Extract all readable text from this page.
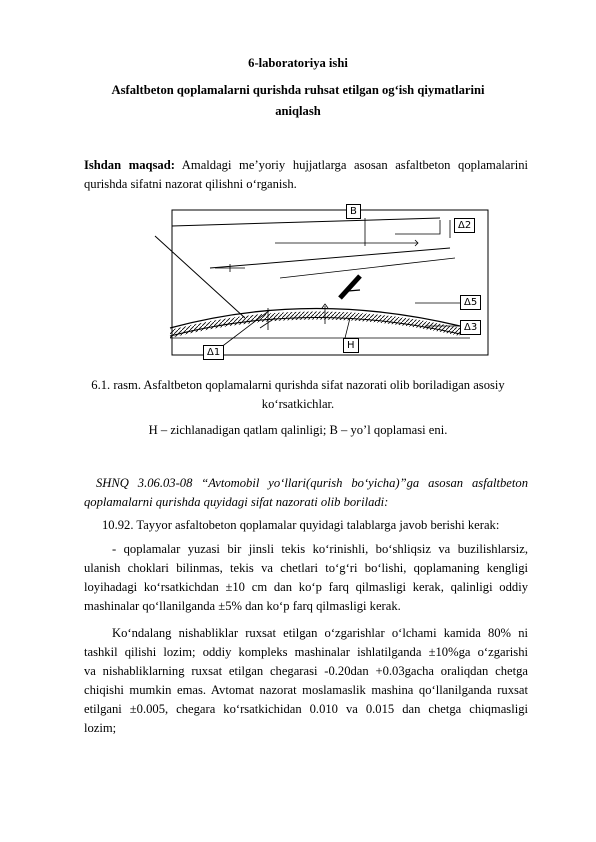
6-laboratoriya ishi
Asfaltbeton qoplamalarni qurishda ruhsat etilgan og‘ish qiymatlarini
aniqlash
Ishdan maqsad: Amaldagi me’yoriy hujjatlarga asosan asfaltbeton qoplamalarini
qurishda sifatni nazorat qilishni o‘rganish.
B
Δ2
Δ5
Δ3
Δ1
H
6.1. rasm. Asfaltbeton qoplamalarni qurishda sifat nazorati olib boriladigan asosiy
ko‘rsatkichlar.
H – zichlanadigan qatlam qalinligi; B – yo’l qoplamasi eni.
SHNQ 3.06.03-08 “Avtomobil yo‘llari(qurish bo‘yicha)”ga asosan asfaltbeton
qoplamalarni qurishda quyidagi sifat nazorati olib boriladi:
10.92. Tayyor asfaltobeton qoplamalar quyidagi talablarga javob berishi kerak:
- qoplamalar yuzasi bir jinsli tekis ko‘rinishli, bo‘shliqsiz va buzilishlarsiz,
ulanish choklari bilinmas, tekis va chetlari to‘g‘ri bo‘lishi, qoplamaning kengligi
loyihadagi ko‘rsatkichdan ±10 cm dan ko‘p farq qilmasligi kerak, qalinligi oddiy
mashinalar qo‘llanilganda ±5% dan ko‘p farq qilmasligi kerak.
Ko‘ndalang nishabliklar ruxsat etilgan o‘zgarishlar o‘lchami kamida 80% ni
tashkil qilishi lozim; oddiy kompleks mashinalar ishlatilganda ±10%ga o‘zgarishi
va nishabliklarning ruxsat etilgan chegarasi -0.20dan +0.03gacha oraliqdan chetga
chiqishi mumkin emas. Avtomat nazorat moslamaslik mashina qo‘llanilganda ruxsat
etilgani ±0.005, chegara ko‘rsatkichidan 0.010 va 0.015 dan chetga chiqmasligi
lozim;
